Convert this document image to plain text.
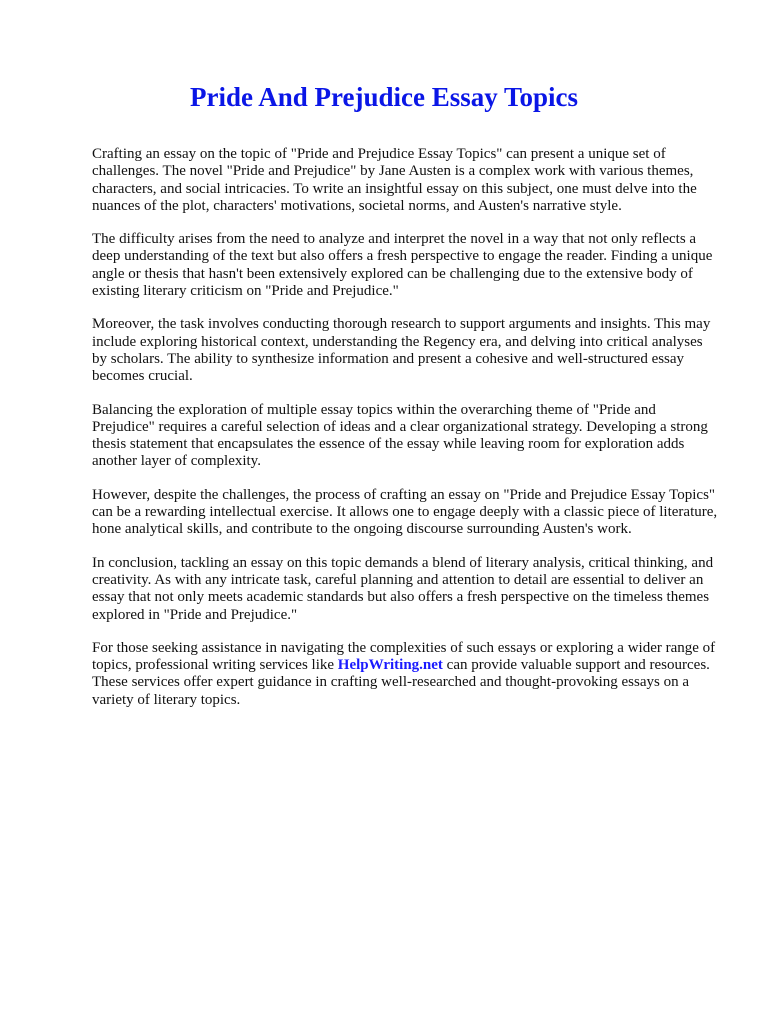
Pride And Prejudice Essay Topics

Crafting an essay on the topic of "Pride and Prejudice Essay Topics" can present a unique set of challenges. The novel "Pride and Prejudice" by Jane Austen is a complex work with various themes, characters, and social intricacies. To write an insightful essay on this subject, one must delve into the nuances of the plot, characters' motivations, societal norms, and Austen's narrative style.

The difficulty arises from the need to analyze and interpret the novel in a way that not only reflects a deep understanding of the text but also offers a fresh perspective to engage the reader. Finding a unique angle or thesis that hasn't been extensively explored can be challenging due to the extensive body of existing literary criticism on "Pride and Prejudice."

Moreover, the task involves conducting thorough research to support arguments and insights. This may include exploring historical context, understanding the Regency era, and delving into critical analyses by scholars. The ability to synthesize information and present a cohesive and well-structured essay becomes crucial.

Balancing the exploration of multiple essay topics within the overarching theme of "Pride and Prejudice" requires a careful selection of ideas and a clear organizational strategy. Developing a strong thesis statement that encapsulates the essence of the essay while leaving room for exploration adds another layer of complexity.

However, despite the challenges, the process of crafting an essay on "Pride and Prejudice Essay Topics" can be a rewarding intellectual exercise. It allows one to engage deeply with a classic piece of literature, hone analytical skills, and contribute to the ongoing discourse surrounding Austen's work.

In conclusion, tackling an essay on this topic demands a blend of literary analysis, critical thinking, and creativity. As with any intricate task, careful planning and attention to detail are essential to deliver an essay that not only meets academic standards but also offers a fresh perspective on the timeless themes explored in "Pride and Prejudice."

For those seeking assistance in navigating the complexities of such essays or exploring a wider range of topics, professional writing services like HelpWriting.net can provide valuable support and resources. These services offer expert guidance in crafting well-researched and thought-provoking essays on a variety of literary topics.
